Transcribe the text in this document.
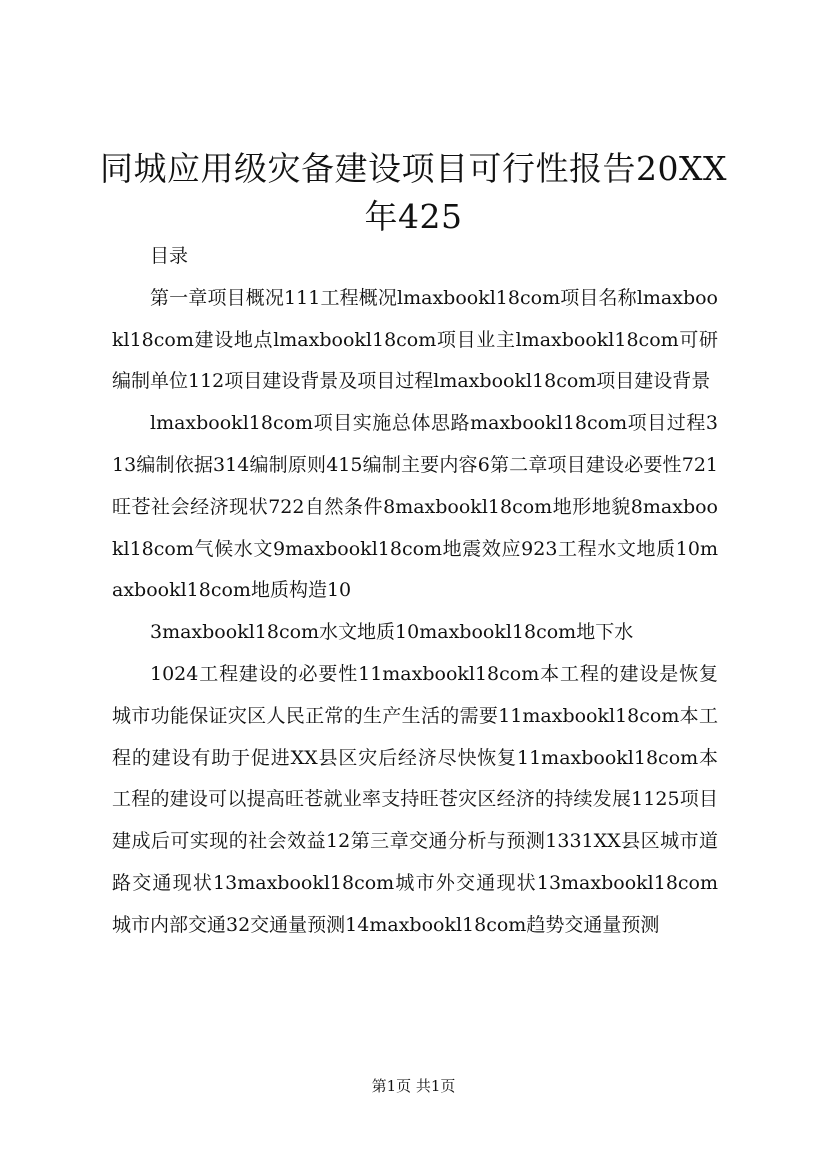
同城应用级灾备建设项目可行性报告20XX年425

目录

第一章项目概况111工程概况lmaxbookl18com项目名称lmaxbookl18com建设地点lmaxbookl18com项目业主lmaxbookl18com可研编制单位112项目建设背景及项目过程lmaxbookl18com项目建设背景

lmaxbookl18com项目实施总体思路maxbookl18com项目过程313编制依据314编制原则415编制主要内容6第二章项目建设必要性721旺苍社会经济现状722自然条件8maxbookl18com地形地貌8maxbookl18com气候水文9maxbookl18com地震效应923工程水文地质10maxbookl18com地质构造10

3maxbookl18com水文地质10maxbookl18com地下水

1024工程建设的必要性11maxbookl18com本工程的建设是恢复城市功能保证灾区人民正常的生产生活的需要11maxbookl18com本工程的建设有助于促进XX县区灾后经济尽快恢复11maxbookl18com本工程的建设可以提高旺苍就业率支持旺苍灾区经济的持续发展1125项目建成后可实现的社会效益12第三章交通分析与预测1331XX县区城市道路交通现状13maxbookl18com城市外交通现状13maxbookl18com城市内部交通32交通量预测14maxbookl18com趋势交通量预测

第1页 共1页
